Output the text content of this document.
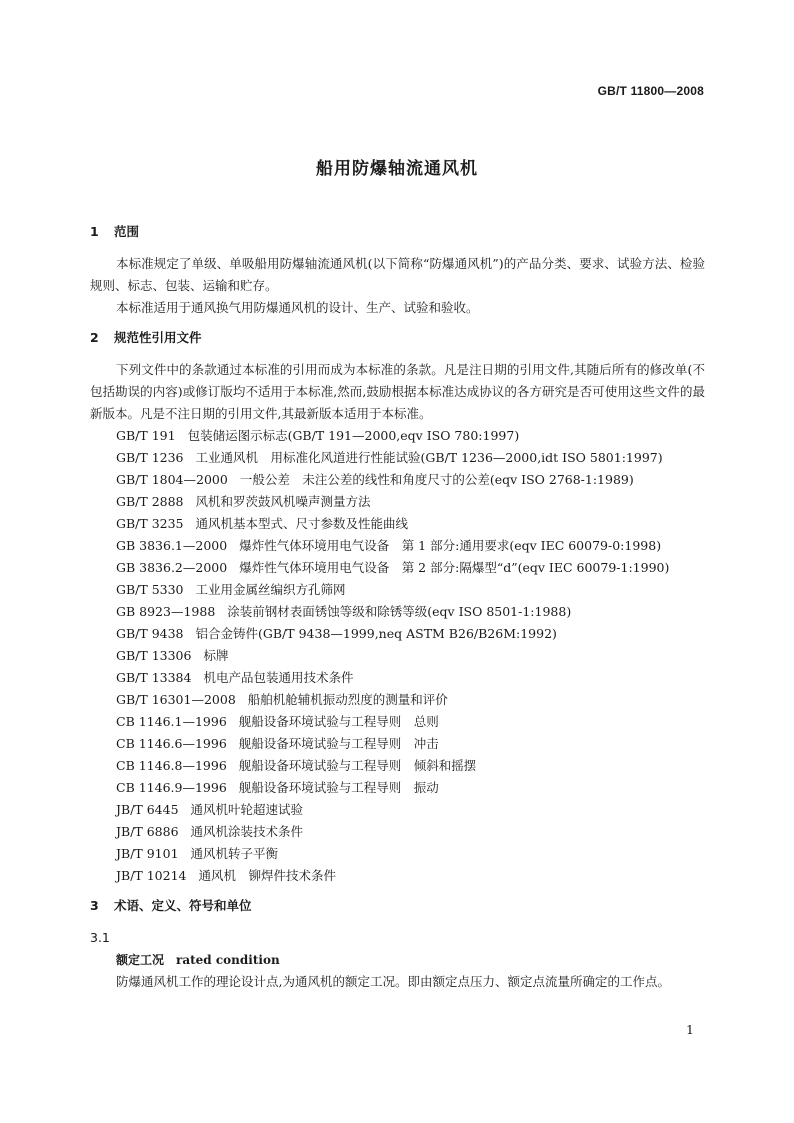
GB/T 11800—2008
船用防爆轴流通风机
1 范围

本标准规定了单级、单吸船用防爆轴流通风机(以下简称“防爆通风机”)的产品分类、要求、试验方法、检验规则、标志、包装、运输和贮存。

本标准适用于通风换气用防爆通风机的设计、生产、试验和验收。

2 规范性引用文件

下列文件中的条款通过本标准的引用而成为本标准的条款。凡是注日期的引用文件,其随后所有的修改单(不包括勘误的内容)或修订版均不适用于本标准,然而,鼓励根据本标准达成协议的各方研究是否可使用这些文件的最新版本。凡是不注日期的引用文件,其最新版本适用于本标准。

GB/T 191 包装储运图示标志(GB/T 191—2000,eqv ISO 780:1997)
GB/T 1236 工业通风机　用标准化风道进行性能试验(GB/T 1236—2000,idt ISO 5801:1997)
GB/T 1804—2000 一般公差　未注公差的线性和角度尺寸的公差(eqv ISO 2768-1:1989)
GB/T 2888 风机和罗茨鼓风机噪声测量方法
GB/T 3235 通风机基本型式、尺寸参数及性能曲线
GB 3836.1—2000 爆炸性气体环境用电气设备　第 1 部分:通用要求(eqv IEC 60079-0:1998)
GB 3836.2—2000 爆炸性气体环境用电气设备　第 2 部分:隔爆型“d”(eqv IEC 60079-1:1990)
GB/T 5330 工业用金属丝编织方孔筛网
GB 8923—1988 涂装前钢材表面锈蚀等级和除锈等级(eqv ISO 8501-1:1988)
GB/T 9438 铝合金铸件(GB/T 9438—1999,neq ASTM B26/B26M:1992)
GB/T 13306 标牌
GB/T 13384 机电产品包装通用技术条件
GB/T 16301—2008 船舶机舱辅机振动烈度的测量和评价
CB 1146.1—1996 舰船设备环境试验与工程导则　总则
CB 1146.6—1996 舰船设备环境试验与工程导则　冲击
CB 1146.8—1996 舰船设备环境试验与工程导则　倾斜和摇摆
CB 1146.9—1996 舰船设备环境试验与工程导则　振动
JB/T 6445 通风机叶轮超速试验
JB/T 6886 通风机涂装技术条件
JB/T 9101 通风机转子平衡
JB/T 10214 通风机　铆焊件技术条件
3 术语、定义、符号和单位
3.1
额定工况 rated condition

防爆通风机工作的理论设计点,为通风机的额定工况。即由额定点压力、额定点流量所确定的工作点。

1
